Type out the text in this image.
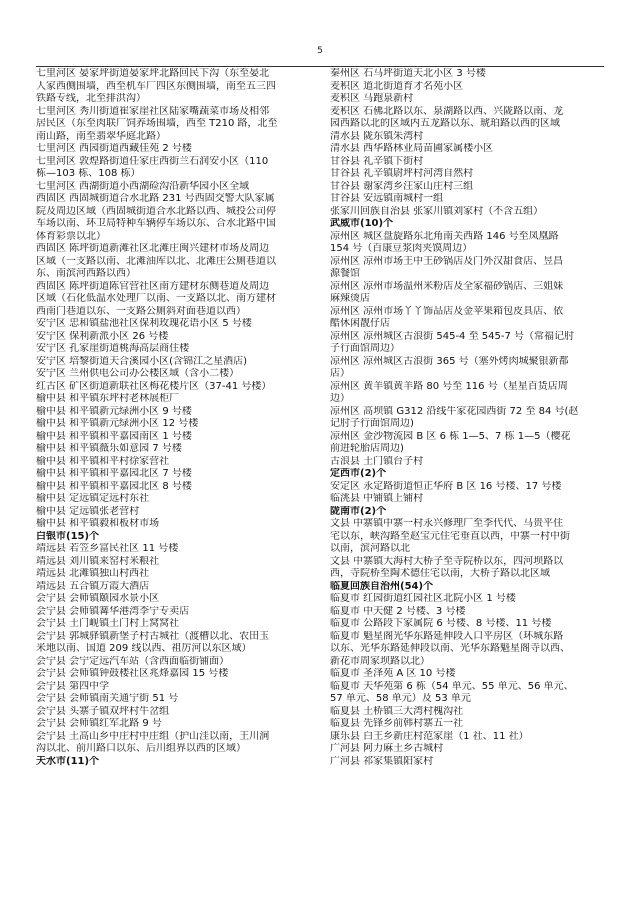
5
七里河区 晏家坪街道晏家坪北路回民下沟（东至晏北
人家西侧围墙，西至机车厂四区东侧围墙，南至五三四
铁路专线，北至排洪沟）
七里河区 秀川街道崔家崖社区陆家嘴蔬菜市场及相邻
居民区（东至肉联厂饲养场围墙，西至 T210 路，北至
南山路，南至翡翠华庭北路）
七里河区 西园街道西藏佳苑 2 号楼
七里河区 敦煌路街道任家庄西街兰石润安小区（110
栋—103 栋、108 栋）
七里河区 西湖街道小西湖硷沟沿新华园小区全域
西固区 西固城街道合水北路 231 号西固交警大队家属
院及周边区域（西固城街道合水北路以西、城投公司停
车场以南、环卫局特种车辆停车场以东、合水北路中国
体育彩票以北）
西固区 陈坪街道新滩社区北滩庄闽兴建材市场及周边
区域（一支路以南、北滩油库以北、北滩庄公厕巷道以
东、南滨河西路以西）
西固区 陈坪街道陈官营社区南方建材东侧巷道及周边
区域（石化低温水处理厂以南、一支路以北、南方建材
西南门巷道以东、一支路公厕斜对面巷道以西）
安宁区 忠和镇盐池社区保利玫瑰花语小区 5 号楼
安宁区 保利新派小区 26 号楼
安宁区 孔家崖街道桃海高层商住楼
安宁区 培黎街道天合溪园小区(含锦江之星酒店)
安宁区 兰州供电公司办公楼区域（含小二楼）
红古区 矿区街道新联社区梅花楼片区（37-41 号楼）
榆中县 和平镇东坪村老林展柜厂
榆中县 和平镇新元绿洲小区 9 号楼
榆中县 和平镇新元绿洲小区 12 号楼
榆中县 和平镇和平嘉园南区 1 号楼
榆中县 和平镇薇乐如意园 7 号楼
榆中县 和平镇和平村徐家营社
榆中县 和平镇和平嘉园北区 7 号楼
榆中县 和平镇和平嘉园北区 8 号楼
榆中县 定远镇定远村东社
榆中县 定远镇张老营村
榆中县 和平镇毅和板材市场
白银市(15)个
靖远县 若笠乡富民社区 11 号楼
靖远县 刘川镇来窑村米粮社
靖远县 北滩镇独山村西社
靖远县 五合镇万霞大酒店
会宁县 会师镇颐园水景小区
会宁县 会师镇篝华港湾李宁专卖店
会宁县 土门岘镇土门村上窝窝社
会宁县 郭城驿镇新堡子村古城社（渡槽以北、农田玉
米地以南、国道 209 线以西、祖厉河以东区域）
会宁县 会宁定远汽车站（含西面临街铺面）
会宁县 会师镇钟鼓楼社区兆烽嘉园 15 号楼
会宁县 第四中学
会宁县 会师镇南关通宁街 51 号
会宁县 头寨子镇双坪村牛岔组
会宁县 会师镇红军北路 9 号
会宁县 土高山乡中庄村中庄组（护山洼以南，王川涧
沟以北、前川路口以东、后川组界以西的区域）
天水市(11)个
秦州区 石马坪街道天北小区 3 号楼
麦积区 道北街道育才名苑小区
麦积区 马跑泉新村
麦积区 石佛北路以东、泉湖路以西、兴陇路以南、龙
园西路以北的区域内五龙路以东、琥珀路以西的区域
清水县 陇东镇朱湾村
清水县 西华路林业局苗圃家属楼小区
甘谷县 礼辛镇下街村
甘谷县 礼辛镇尉坪村河湾自然村
甘谷县 谢家湾乡汪家山庄村三组
甘谷县 安远镇南城村一组
张家川回族自治县 张家川镇刘家村（不含五组）
武威市(10)个
凉州区 城区盘旋路东北角南关西路 146 号至凤凰路
154 号（百康豆浆肉夹馍周边）
凉州区 凉州市场王中王砂锅店及门外汉甜食店、昱昌
源餐馆
凉州区 凉州市场温州米粉店及全家福砂锅店、三姐妹
麻辣烫店
凉州区 凉州市场丫丫饰品店及金苹果箱包皮具店、依
酷休闲靓仔店
凉州区 凉州城区古浪街 545-4 至 545-7 号（常福记肘
子行面馆周边）
凉州区 凉州城区古浪街 365 号（塞外烤肉城聚银新都
店）
凉州区 黄羊镇黄羊路 80 号至 116 号（星星百货店周
边）
凉州区 高坝镇 G312 沿线牛家花园西街 72 至 84 号(赵
记肘子行面馆周边)
凉州区 金沙物流园 B 区 6 栋 1—5、7 栋 1—5（樱花
前进轮胎店周边)
古浪县 土门镇台子村
定西市(2)个
安定区 永定路街道恒正华府 B 区 16 号楼、17 号楼
临洮县 中铺镇上铺村
陇南市(2)个
文县 中寨镇中寨一村永兴修理厂至李代代、马贵平住
宅以东，峡沟路至赵宝元住宅垂直以西，中寨一村中街
以南，滨河路以北
文县 中寨镇大海村大桥子至寺院桥以东，四河坝路以
西，寺院桥至陶术德住宅以南，大桥子路以北区域
临夏回族自治州(54)个
临夏市 红园街道红园社区北院小区 1 号楼
临夏市 中天健 2 号楼、3 号楼
临夏市 公路段下家属院 6 号楼、8 号楼、11 号楼
临夏市 魁星阁光华东路延伸段入口平房区（环城东路
以东、光华东路延伸段以南、光华东路魁星阁寺以西、
新花市周家坝路以北）
临夏市 圣泽苑 A 区 10 号楼
临夏市 天华苑第 6 栋（54 单元、55 单元、56 单元、
57 单元、58 单元）及 53 单元
临夏县 土桥镇三大湾村槐沟社
临夏县 先锋乡前韩村寨五一社
康乐县 白王乡新庄村范家崖（1 社、11 社）
广河县 阿力麻土乡古城村
广河县 祁家集镇阳家村
